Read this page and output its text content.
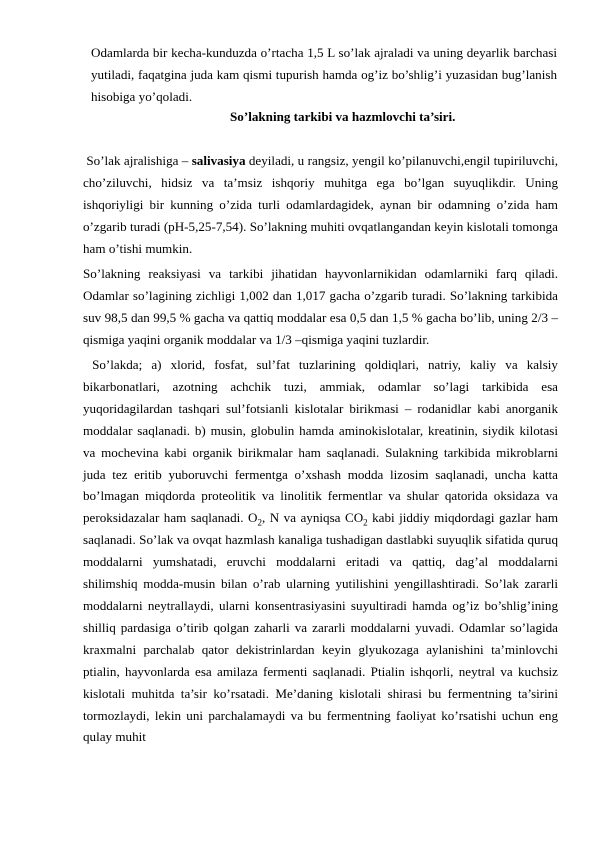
Odamlarda bir kecha-kunduzda o’rtacha 1,5 L so’lak ajraladi va uning deyarlik barchasi yutiladi, faqatgina juda kam qismi tupurish hamda og’iz bo’shlig’i yuzasidan bug’lanish hisobiga yo’qoladi.
So’lakning tarkibi va hazmlovchi ta’siri.

So’lak ajralishiga – salivasiya deyiladi, u rangsiz, yengil ko’pilanuvchi,engil tupiriluvchi, cho’ziluvchi, hidsiz va ta’msiz ishqoriy muhitga ega bo’lgan suyuqlikdir. Uning ishqoriyligi bir kunning o’zida turli odamlardagidek, aynan bir odamning o’zida ham o’zgarib turadi (pH-5,25-7,54). So’lakning muhiti ovqatlangandan keyin kislotali tomonga ham o’tishi mumkin.

So’lakning reaksiyasi va tarkibi jihatidan hayvonlarnikidan odamlarniki farq qiladi. Odamlar so’lagining zichligi 1,002 dan 1,017 gacha o’zgarib turadi. So’lakning tarkibida suv 98,5 dan 99,5 % gacha va qattiq moddalar esa 0,5 dan 1,5 % gacha bo’lib, uning 2/3 – qismiga yaqini organik moddalar va 1/3 –qismiga yaqini tuzlardir.

So’lakda; a) xlorid, fosfat, sul’fat tuzlarining qoldiqlari, natriy, kaliy va kalsiy bikarbonatlari, azotning achchik tuzi, ammiak, odamlar so’lagi tarkibida esa yuqoridagilardan tashqari sul’fotsianli kislotalar birikmasi – rodanidlar kabi anorganik moddalar saqlanadi. b) musin, globulin hamda aminokislotalar, kreatinin, siydik kilotasi va mochevina kabi organik birikmalar ham saqlanadi. Sulakning tarkibida mikroblarni juda tez eritib yuboruvchi fermentga o’xshash modda lizosim saqlanadi, uncha katta bo’lmagan miqdorda proteolitik va linolitik fermentlar va shular qatorida oksidaza va peroksidazalar ham saqlanadi. $O_2$, N va ayniqsa $CO_2$ kabi jiddiy miqdordagi gazlar ham saqlanadi. So’lak va ovqat hazmlash kanaliga tushadigan dastlabki suyuqlik sifatida quruq moddalarni yumshatadi, eruvchi moddalarni eritadi va qattiq, dag’al moddalarni shilimshiq modda-musin bilan o’rab ularning yutilishini yengillashtiradi. So’lak zararli moddalarni neytrallaydi, ularni konsentrasiyasini suyultiradi hamda og’iz bo’shlig’ining shilliq pardasiga o’tirib qolgan zaharli va zararli moddalarni yuvadi. Odamlar so’lagida kraxmalni parchalab qator dekistrinlardan keyin glyukozaga aylanishini ta’minlovchi ptialin, hayvonlarda esa amilaza fermenti saqlanadi. Ptialin ishqorli, neytral va kuchsiz kislotali muhitda ta’sir ko’rsatadi. Me’daning kislotali shirasi bu fermentning ta’sirini tormozlaydi, lekin uni parchalamaydi va bu fermentning faoliyat ko’rsatishi uchun eng qulay muhit
